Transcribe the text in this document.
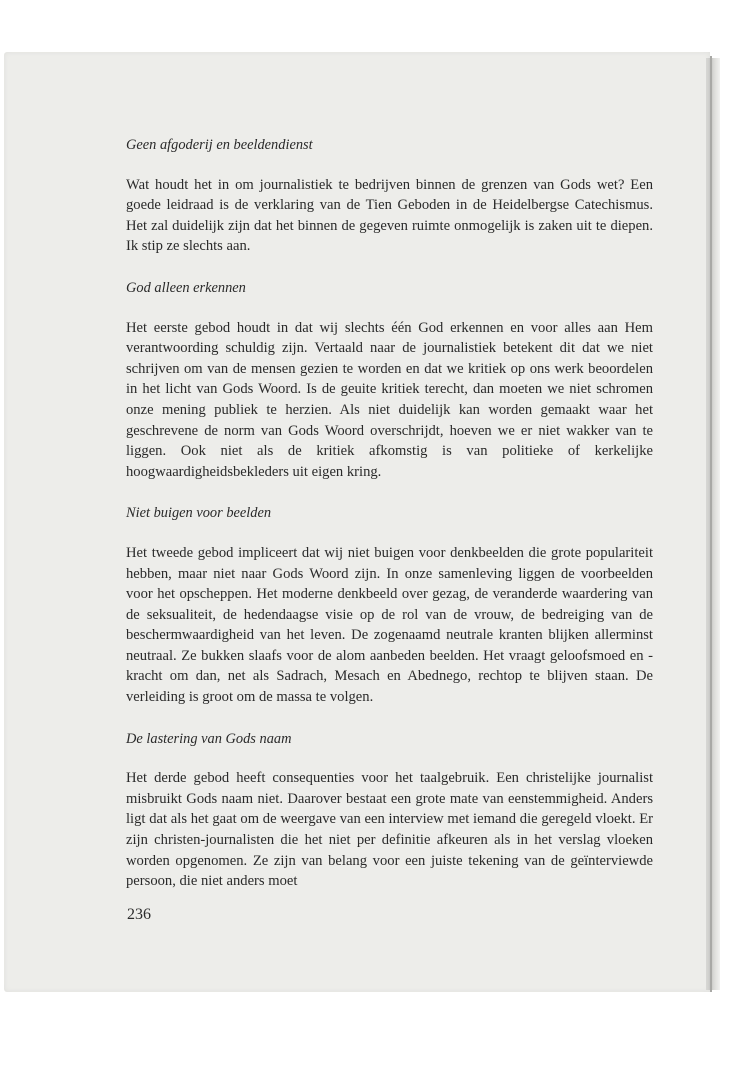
Geen afgoderij en beeldendienst

Wat houdt het in om journalistiek te bedrijven binnen de grenzen van Gods wet? Een goede leidraad is de verklaring van de Tien Geboden in de Heidelbergse Catechismus. Het zal duidelijk zijn dat het binnen de gegeven ruimte onmogelijk is zaken uit te diepen. Ik stip ze slechts aan.

God alleen erkennen

Het eerste gebod houdt in dat wij slechts één God erkennen en voor alles aan Hem verantwoording schuldig zijn. Vertaald naar de journalistiek betekent dit dat we niet schrijven om van de mensen gezien te worden en dat we kritiek op ons werk beoordelen in het licht van Gods Woord. Is de geuite kritiek terecht, dan moeten we niet schromen onze mening publiek te herzien. Als niet duidelijk kan worden gemaakt waar het geschrevene de norm van Gods Woord overschrijdt, hoeven we er niet wakker van te liggen. Ook niet als de kritiek afkomstig is van politieke of kerkelijke hoogwaardigheidsbekleders uit eigen kring.

Niet buigen voor beelden

Het tweede gebod impliceert dat wij niet buigen voor denkbeelden die grote populariteit hebben, maar niet naar Gods Woord zijn. In onze samenleving liggen de voorbeelden voor het opscheppen. Het moderne denkbeeld over gezag, de veranderde waardering van de seksualiteit, de hedendaagse visie op de rol van de vrouw, de bedreiging van de beschermwaardigheid van het leven. De zogenaamd neutrale kranten blijken allerminst neutraal. Ze bukken slaafs voor de alom aanbeden beelden. Het vraagt geloofsmoed en -kracht om dan, net als Sadrach, Mesach en Abednego, rechtop te blijven staan. De verleiding is groot om de massa te volgen.

De lastering van Gods naam

Het derde gebod heeft consequenties voor het taalgebruik. Een christelijke journalist misbruikt Gods naam niet. Daarover bestaat een grote mate van eenstemmigheid. Anders ligt dat als het gaat om de weergave van een interview met iemand die geregeld vloekt. Er zijn christen-journalisten die het niet per definitie afkeuren als in het verslag vloeken worden opgenomen. Ze zijn van belang voor een juiste tekening van de geïnterviewde persoon, die niet anders moet

236
